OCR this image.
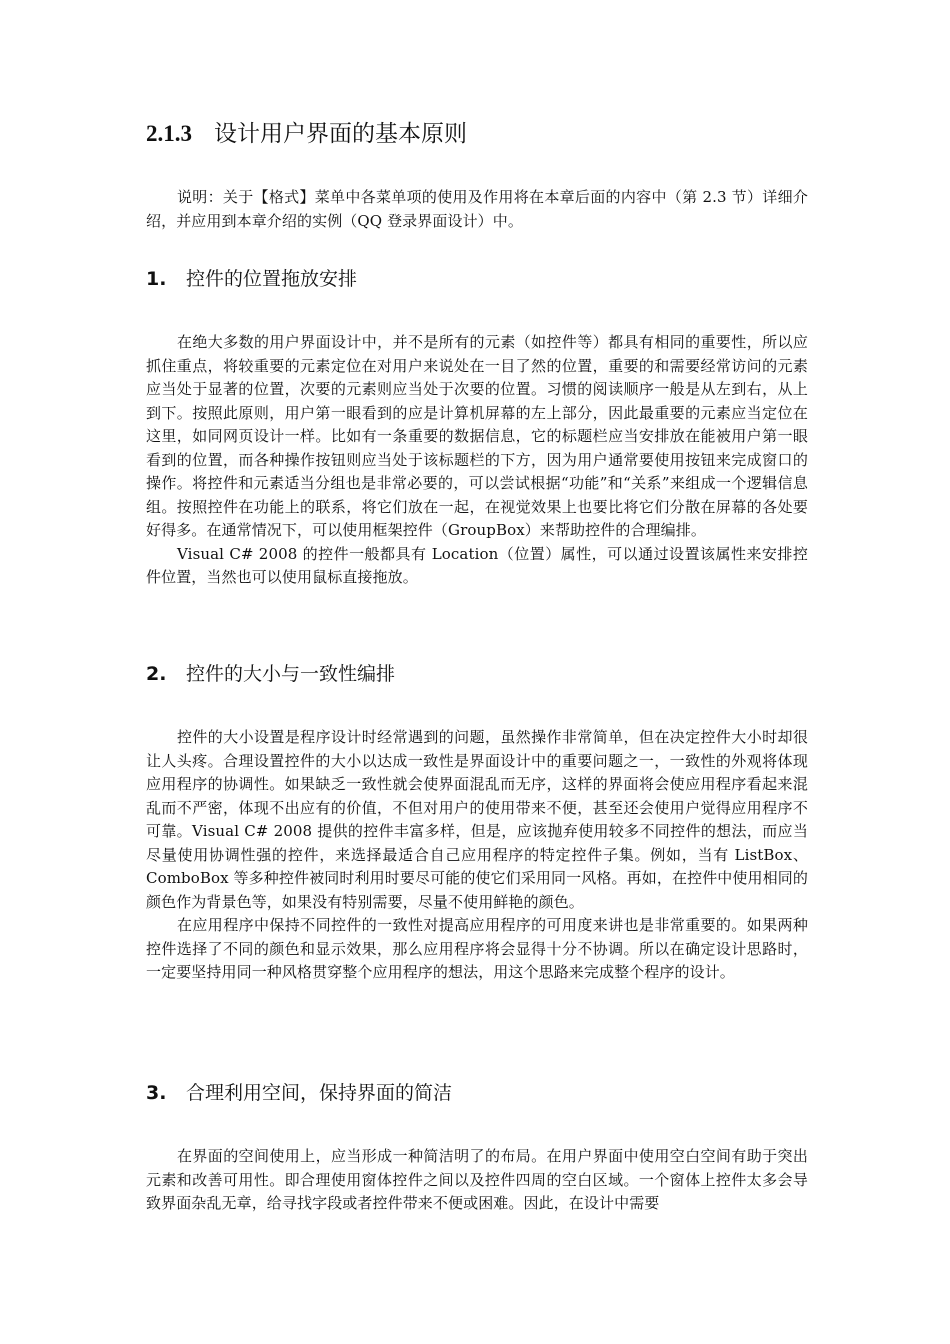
2.1.3 设计用户界面的基本原则

说明：关于【格式】菜单中各菜单项的使用及作用将在本章后面的内容中（第 2.3 节）详细介绍，并应用到本章介绍的实例（QQ 登录界面设计）中。

1. 控件的位置拖放安排

在绝大多数的用户界面设计中，并不是所有的元素（如控件等）都具有相同的重要性，所以应抓住重点，将较重要的元素定位在对用户来说处在一目了然的位置，重要的和需要经常访问的元素应当处于显著的位置，次要的元素则应当处于次要的位置。习惯的阅读顺序一般是从左到右，从上到下。按照此原则，用户第一眼看到的应是计算机屏幕的左上部分，因此最重要的元素应当定位在这里，如同网页设计一样。比如有一条重要的数据信息，它的标题栏应当安排放在能被用户第一眼看到的位置，而各种操作按钮则应当处于该标题栏的下方，因为用户通常要使用按钮来完成窗口的操作。将控件和元素适当分组也是非常必要的，可以尝试根据“功能”和“关系”来组成一个逻辑信息组。按照控件在功能上的联系，将它们放在一起，在视觉效果上也要比将它们分散在屏幕的各处要好得多。在通常情况下，可以使用框架控件（GroupBox）来帮助控件的合理编排。

Visual C# 2008 的控件一般都具有 Location（位置）属性，可以通过设置该属性来安排控件位置，当然也可以使用鼠标直接拖放。

2. 控件的大小与一致性编排

控件的大小设置是程序设计时经常遇到的问题，虽然操作非常简单，但在决定控件大小时却很让人头疼。合理设置控件的大小以达成一致性是界面设计中的重要问题之一，一致性的外观将体现应用程序的协调性。如果缺乏一致性就会使界面混乱而无序，这样的界面将会使应用程序看起来混乱而不严密，体现不出应有的价值，不但对用户的使用带来不便，甚至还会使用户觉得应用程序不可靠。Visual C# 2008 提供的控件丰富多样，但是，应该抛弃使用较多不同控件的想法，而应当尽量使用协调性强的控件，来选择最适合自己应用程序的特定控件子集。例如，当有 ListBox、ComboBox 等多种控件被同时利用时要尽可能的使它们采用同一风格。再如，在控件中使用相同的颜色作为背景色等，如果没有特别需要，尽量不使用鲜艳的颜色。

在应用程序中保持不同控件的一致性对提高应用程序的可用度来讲也是非常重要的。如果两种控件选择了不同的颜色和显示效果，那么应用程序将会显得十分不协调。所以在确定设计思路时，一定要坚持用同一种风格贯穿整个应用程序的想法，用这个思路来完成整个程序的设计。

3. 合理利用空间，保持界面的简洁

在界面的空间使用上，应当形成一种简洁明了的布局。在用户界面中使用空白空间有助于突出元素和改善可用性。即合理使用窗体控件之间以及控件四周的空白区域。一个窗体上控件太多会导致界面杂乱无章，给寻找字段或者控件带来不便或困难。因此，在设计中需要
